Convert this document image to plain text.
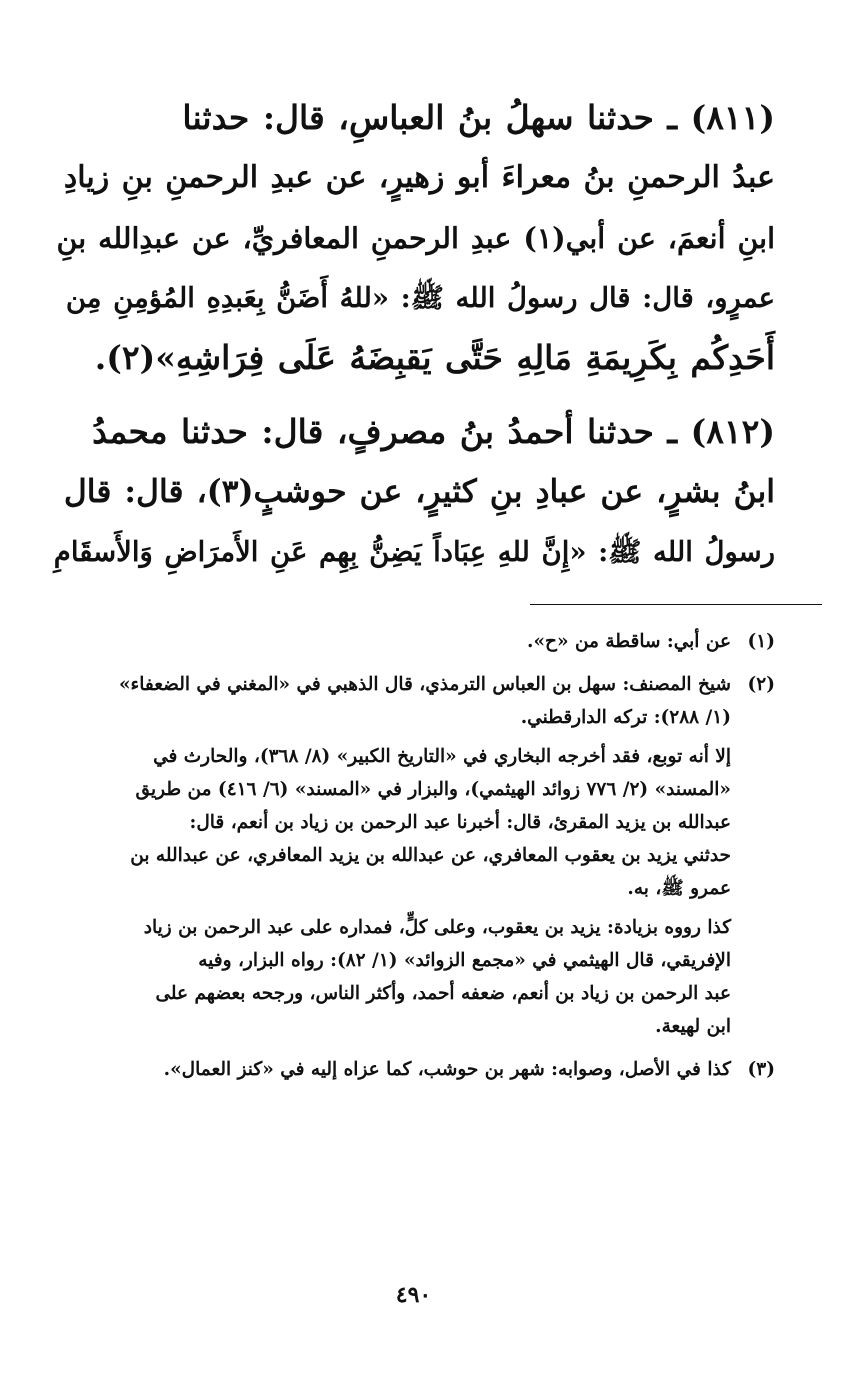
(٨١١) ـ حدثنا سهلُ بنُ العباسِ، قال: حدثنا
عبدُ الرحمنِ بنُ معراءَ أبو زهيرٍ، عن عبدِ الرحمنِ بنِ زيادِ
ابنِ أنعمَ، عن أبي(١) عبدِ الرحمنِ المعافريِّ، عن عبدِالله بنِ
عمرٍو، قال: قال رسولُ الله ﷺ: «للهُ أَضَنُّ بِعَبدِهِ المُؤمِنِ مِن
أَحَدِكُم بِكَرِيمَةِ مَالِهِ حَتَّى يَقبِضَهُ عَلَى فِرَاشِهِ»(٢).

(٨١٢) ـ حدثنا أحمدُ بنُ مصرفٍ، قال: حدثنا محمدُ
ابنُ بشرٍ، عن عبادِ بنِ كثيرٍ، عن حوشبٍ(٣)، قال: قال
رسولُ الله ﷺ: «إِنَّ للهِ عِبَاداً يَضِنُّ بِهِم عَنِ الأَمرَاضِ وَالأَسقَامِ

(١)
عن أبي: ساقطة من «ح».
(٢)
شيخ المصنف: سهل بن العباس الترمذي، قال الذهبي في «المغني في الضعفاء»
(١/ ٢٨٨): تركه الدارقطني.
إلا أنه توبع، فقد أخرجه البخاري في «التاريخ الكبير» (٨/ ٣٦٨)، والحارث في
«المسند» (٢/ ٧٧٦ زوائد الهيثمي)، والبزار في «المسند» (٦/ ٤١٦) من طريق
عبدالله بن يزيد المقرئ، قال: أخبرنا عبد الرحمن بن زياد بن أنعم، قال:
حدثني يزيد بن يعقوب المعافري، عن عبدالله بن يزيد المعافري، عن عبدالله بن
عمرو ﷺ، به.
كذا رووه بزيادة: يزيد بن يعقوب، وعلى كلٍّ، فمداره على عبد الرحمن بن زياد
الإفريقي، قال الهيثمي في «مجمع الزوائد» (١/ ٨٢): رواه البزار، وفيه
عبد الرحمن بن زياد بن أنعم، ضعفه أحمد، وأكثر الناس، ورجحه بعضهم على
ابن لهيعة.
(٣)
كذا في الأصل، وصوابه: شهر بن حوشب، كما عزاه إليه في «كنز العمال».
٤٩٠
